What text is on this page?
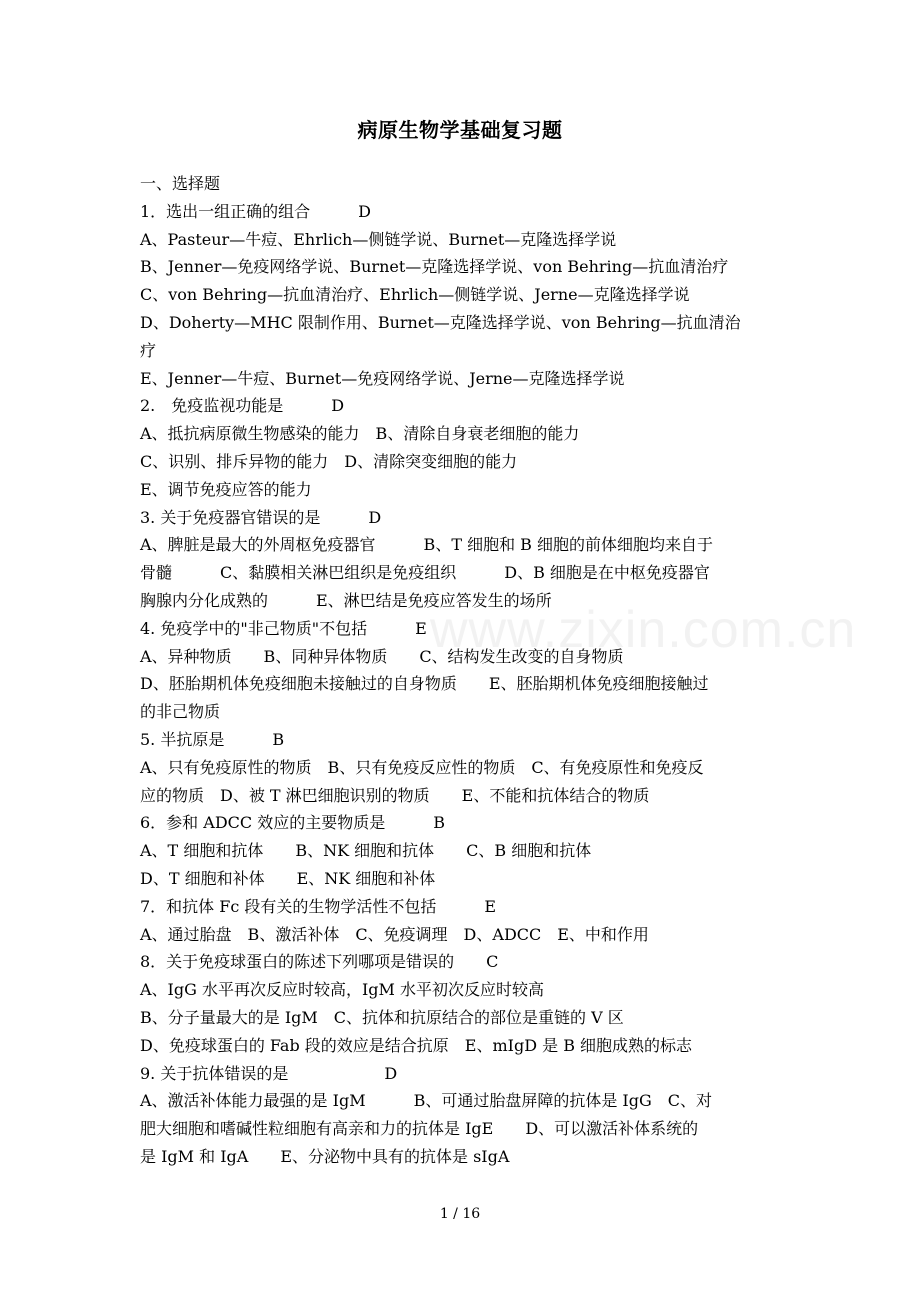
病原生物学基础复习题
www.zixin.com.cn
一、选择题
1．选出一组正确的组合　　　D
A、Pasteur—牛痘、Ehrlich—侧链学说、Burnet—克隆选择学说
B、Jenner—免疫网络学说、Burnet—克隆选择学说、von Behring—抗血清治疗
C、von Behring—抗血清治疗、Ehrlich—侧链学说、Jerne—克隆选择学说
D、Doherty—MHC 限制作用、Burnet—克隆选择学说、von Behring—抗血清治
疗
E、Jenner—牛痘、Burnet—免疫网络学说、Jerne—克隆选择学说
2.　免疫监视功能是　　　D
A、抵抗病原微生物感染的能力　B、清除自身衰老细胞的能力
C、识别、排斥异物的能力　D、清除突变细胞的能力
E、调节免疫应答的能力
3. 关于免疫器官错误的是　　　D
A、脾脏是最大的外周枢免疫器官　　　B、T 细胞和 B 细胞的前体细胞均来自于
骨髓　　　C、黏膜相关淋巴组织是免疫组织　　　D、B 细胞是在中枢免疫器官
胸腺内分化成熟的　　　E、淋巴结是免疫应答发生的场所
4. 免疫学中的"非己物质"不包括　　　E
A、异种物质　　B、同种异体物质　　C、结构发生改变的自身物质
D、胚胎期机体免疫细胞未接触过的自身物质　　E、胚胎期机体免疫细胞接触过
的非己物质
5. 半抗原是　　　B
A、只有免疫原性的物质　B、只有免疫反应性的物质　C、有免疫原性和免疫反
应的物质　D、被 T 淋巴细胞识别的物质　　E、不能和抗体结合的物质
6．参和 ADCC 效应的主要物质是　　　B
A、T 细胞和抗体　　B、NK 细胞和抗体　　C、B 细胞和抗体
D、T 细胞和补体　　E、NK 细胞和补体
7．和抗体 Fc 段有关的生物学活性不包括　　　E
A、通过胎盘　B、激活补体　C、免疫调理　D、ADCC　E、中和作用
8．关于免疫球蛋白的陈述下列哪项是错误的　　C
A、IgG 水平再次反应时较高，IgM 水平初次反应时较高
B、分子量最大的是 IgM　C、抗体和抗原结合的部位是重链的 V 区
D、免疫球蛋白的 Fab 段的效应是结合抗原　E、mIgD 是 B 细胞成熟的标志
9. 关于抗体错误的是　　　　　　D
A、激活补体能力最强的是 IgM　　　B、可通过胎盘屏障的抗体是 IgG　C、对
肥大细胞和嗜碱性粒细胞有高亲和力的抗体是 IgE　　D、可以激活补体系统的
是 IgM 和 IgA　　E、分泌物中具有的抗体是 sIgA
1 / 16
